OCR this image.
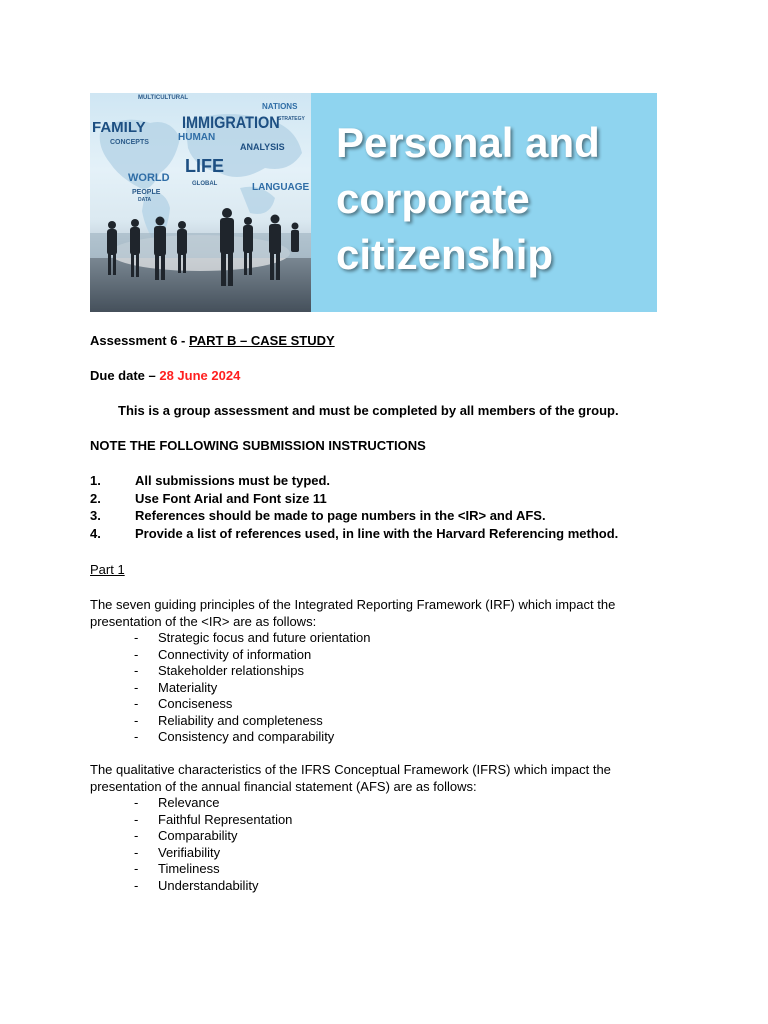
MULTICULTURAL
FAMILY IMMIGRATION
HUMAN
NATIONS
STRATEGY
CONCEPTS	ANALYSIS
LIFE
WORLD
LANGUAGE
PEOPLE
GLOBAL
DATA
Personal and
corporate
citizenship
Assessment 6 - PART B – CASE STUDY
Due date – 28 June 2024
This is a group assessment and must be completed by all members of the group.
NOTE THE FOLLOWING SUBMISSION INSTRUCTIONS
1.	All submissions must be typed.
2.	Use Font Arial and Font size 11
3.	References should be made to page numbers in the <IR> and AFS.
4.	Provide a list of references used, in line with the Harvard Referencing method.
Part 1
The seven guiding principles of the Integrated Reporting Framework (IRF) which impact the presentation of the <IR> are as follows:
-	Strategic focus and future orientation
-	Connectivity of information
-	Stakeholder relationships
-	Materiality
-	Conciseness
-	Reliability and completeness
-	Consistency and comparability
The qualitative characteristics of the IFRS Conceptual Framework (IFRS) which impact the presentation of the annual financial statement (AFS) are as follows:
-	Relevance
-	Faithful Representation
-	Comparability
-	Verifiability
-	Timeliness
-	Understandability
